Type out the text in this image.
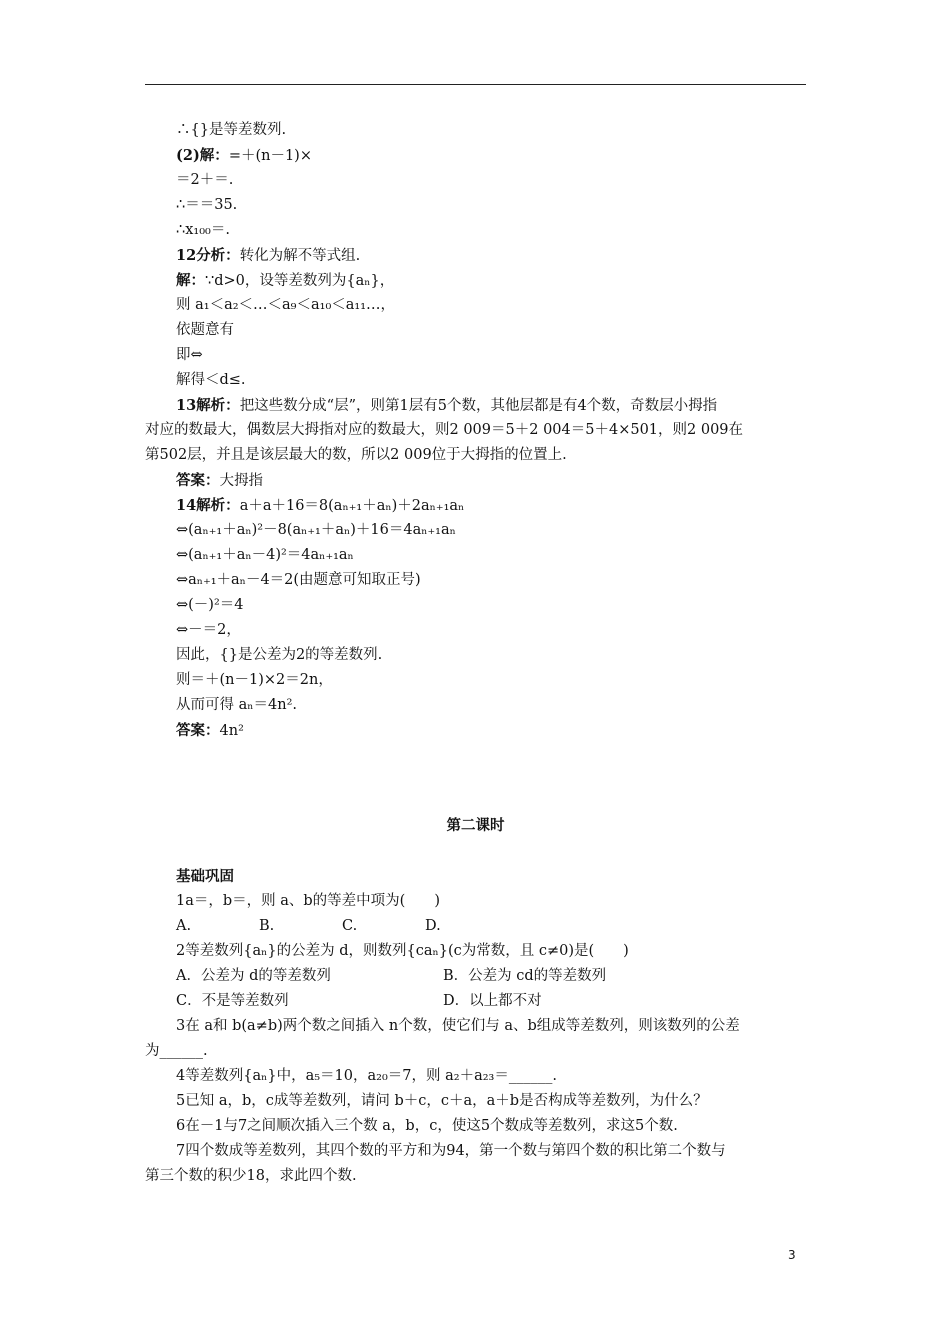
∴{}是等差数列.
(2)解：=＋(n－1)×
＝2＋＝.
∴＝＝35.
∴x₁₀₀＝.
12分析：转化为解不等式组.
解：∵d>0，设等差数列为{aₙ}，
则 a₁＜a₂＜…＜a₉＜a₁₀＜a₁₁…，
依题意有
即⇔
解得＜d≤.
13解析：把这些数分成“层”，则第1层有5个数，其他层都是有4个数，奇数层小拇指
对应的数最大，偶数层大拇指对应的数最大，则2 009＝5＋2 004＝5＋4×501，则2 009在
第502层，并且是该层最大的数，所以2 009位于大拇指的位置上.
答案：大拇指
14解析：a＋a＋16＝8(aₙ₊₁＋aₙ)＋2aₙ₊₁aₙ
⇔(aₙ₊₁＋aₙ)²－8(aₙ₊₁＋aₙ)＋16＝4aₙ₊₁aₙ
⇔(aₙ₊₁＋aₙ－4)²＝4aₙ₊₁aₙ
⇔aₙ₊₁＋aₙ－4＝2(由题意可知取正号)
⇔(－)²＝4
⇔－＝2，
因此，{}是公差为2的等差数列.
则＝＋(n－1)×2＝2n，
从而可得 aₙ＝4n².
答案：4n²
第二课时
基础巩固
1a＝，b＝，则 a、b的等差中项为(　　)
A.	B.	C.	D.
2等差数列{aₙ}的公差为 d，则数列{caₙ}(c为常数，且 c≠0)是(　　)
A．公差为 d的等差数列	B．公差为 cd的等差数列
C．不是等差数列	D．以上都不对
3在 a和 b(a≠b)两个数之间插入 n个数，使它们与 a、b组成等差数列，则该数列的公差
为______.
4等差数列{aₙ}中，a₅＝10，a₂₀＝7，则 a₂＋a₂₃＝______.
5已知 a，b，c成等差数列，请问 b＋c，c＋a，a＋b是否构成等差数列，为什么？
6在－1与7之间顺次插入三个数 a，b，c，使这5个数成等差数列，求这5个数.
7四个数成等差数列，其四个数的平方和为94，第一个数与第四个数的积比第二个数与
第三个数的积少18，求此四个数.
3
